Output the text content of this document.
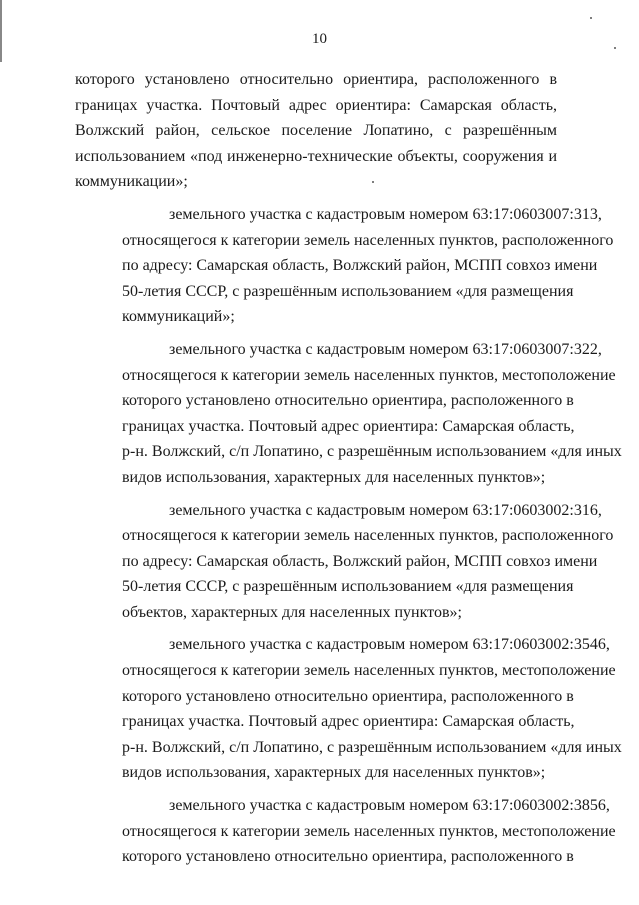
10
которого установлено относительно ориентира, расположенного в
границах участка. Почтовый адрес ориентира: Самарская область,
Волжский район, сельское поселение Лопатино, с разрешённым
использованием «под инженерно-технические объекты, сооружения и
коммуникации»;
земельного участка с кадастровым номером 63:17:0603007:313,
относящегося к категории земель населенных пунктов, расположенного
по адресу: Самарская область, Волжский район, МСПП совхоз имени
50-летия СССР, с разрешённым использованием «для размещения
коммуникаций»;
земельного участка с кадастровым номером 63:17:0603007:322,
относящегося к категории земель населенных пунктов, местоположение
которого установлено относительно ориентира, расположенного в
границах участка. Почтовый адрес ориентира: Самарская область,
р-н. Волжский, с/п Лопатино, с разрешённым использованием «для иных
видов использования, характерных для населенных пунктов»;
земельного участка с кадастровым номером 63:17:0603002:316,
относящегося к категории земель населенных пунктов, расположенного
по адресу: Самарская область, Волжский район, МСПП совхоз имени
50-летия СССР, с разрешённым использованием «для размещения
объектов, характерных для населенных пунктов»;
земельного участка с кадастровым номером 63:17:0603002:3546,
относящегося к категории земель населенных пунктов, местоположение
которого установлено относительно ориентира, расположенного в
границах участка. Почтовый адрес ориентира: Самарская область,
р-н. Волжский, с/п Лопатино, с разрешённым использованием «для иных
видов использования, характерных для населенных пунктов»;
земельного участка с кадастровым номером 63:17:0603002:3856,
относящегося к категории земель населенных пунктов, местоположение
которого установлено относительно ориентира, расположенного в
